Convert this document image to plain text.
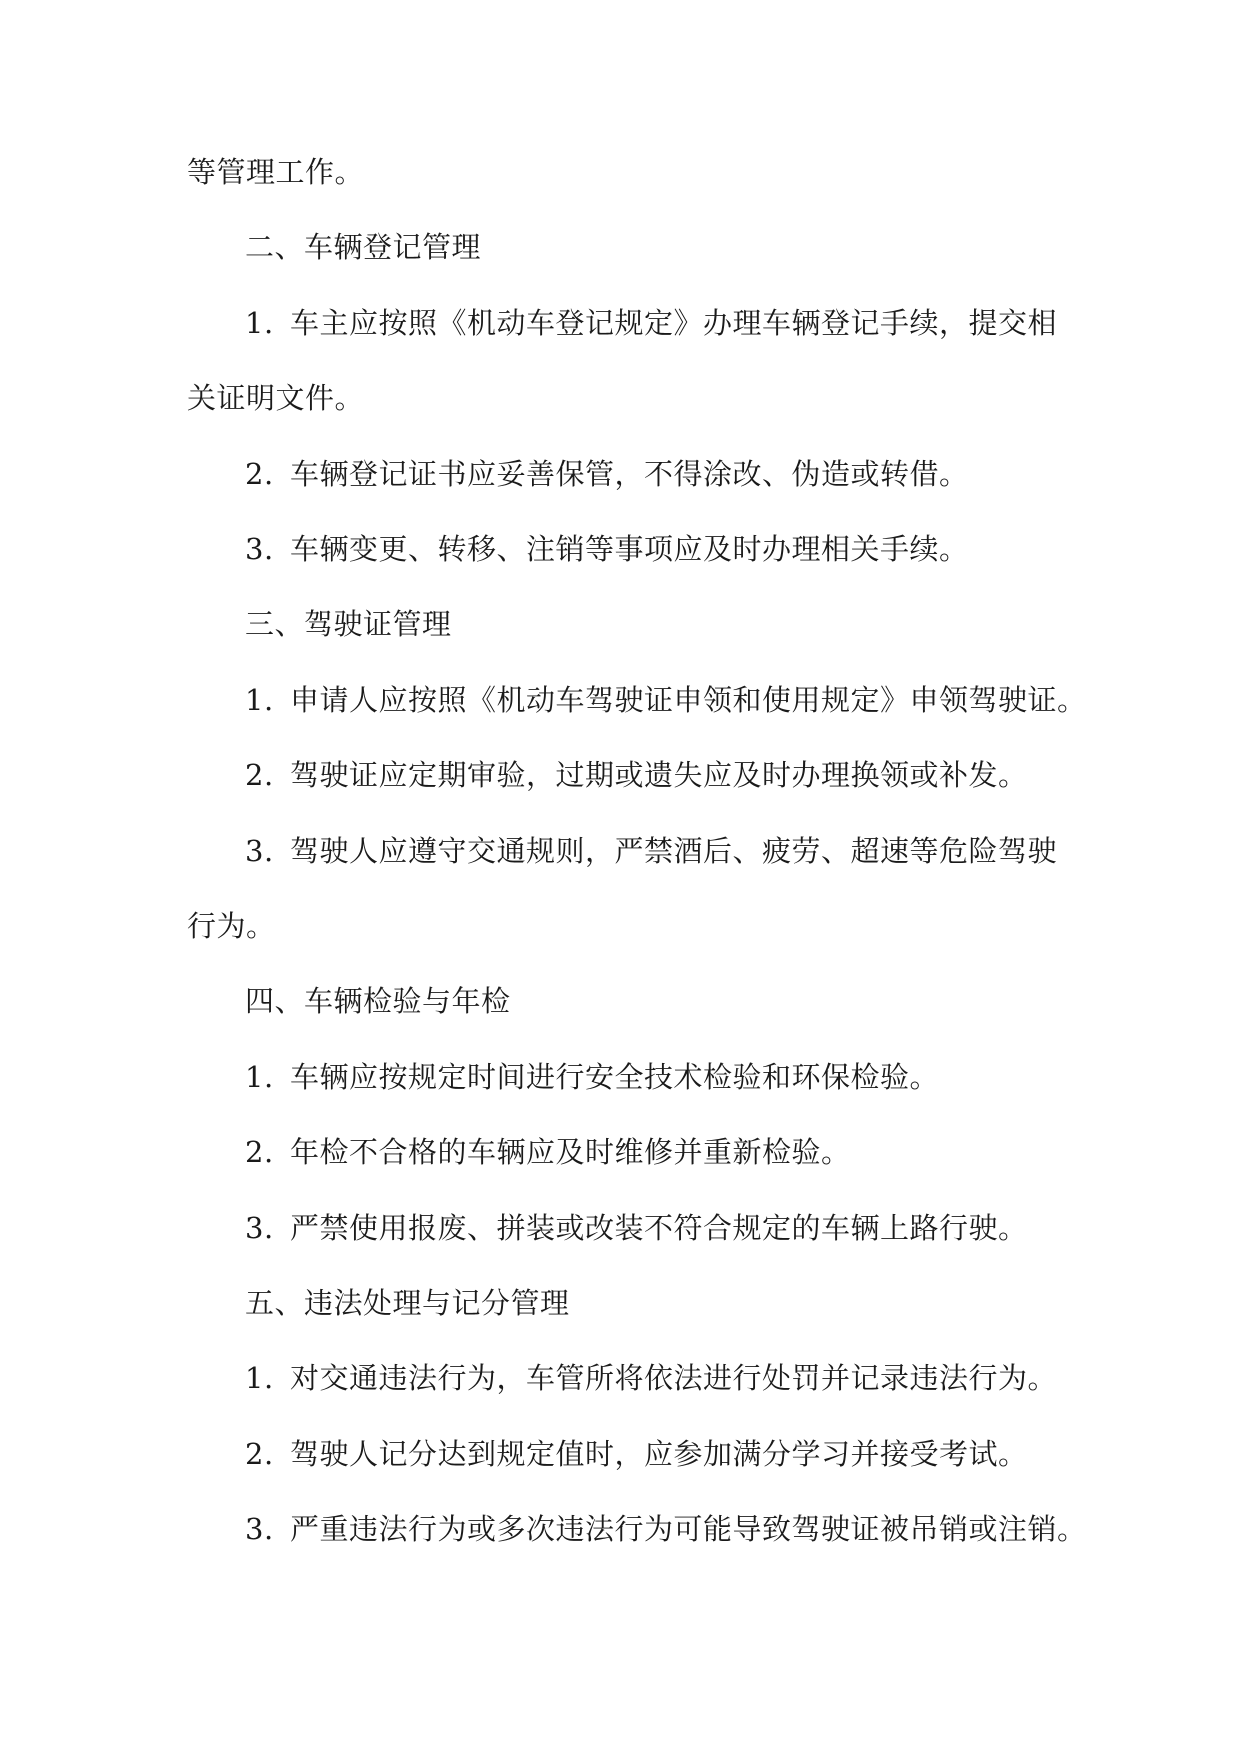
等管理工作。
二、车辆登记管理
1. 车主应按照《机动车登记规定》办理车辆登记手续，提交相
关证明文件。
2. 车辆登记证书应妥善保管，不得涂改、伪造或转借。
3. 车辆变更、转移、注销等事项应及时办理相关手续。
三、驾驶证管理
1. 申请人应按照《机动车驾驶证申领和使用规定》申领驾驶证。
2. 驾驶证应定期审验，过期或遗失应及时办理换领或补发。
3. 驾驶人应遵守交通规则，严禁酒后、疲劳、超速等危险驾驶
行为。
四、车辆检验与年检
1. 车辆应按规定时间进行安全技术检验和环保检验。
2. 年检不合格的车辆应及时维修并重新检验。
3. 严禁使用报废、拼装或改装不符合规定的车辆上路行驶。
五、违法处理与记分管理
1. 对交通违法行为，车管所将依法进行处罚并记录违法行为。
2. 驾驶人记分达到规定值时，应参加满分学习并接受考试。
3. 严重违法行为或多次违法行为可能导致驾驶证被吊销或注销。
